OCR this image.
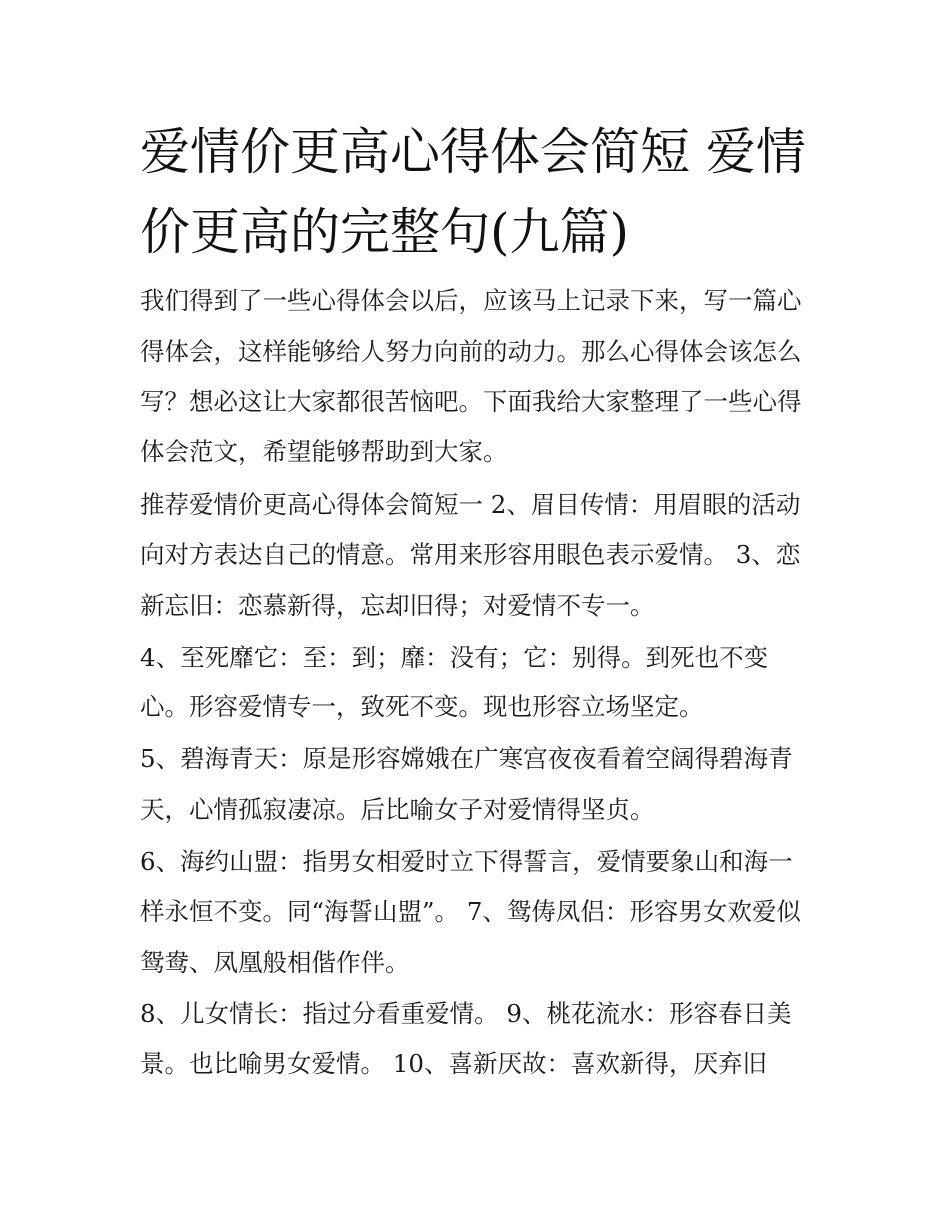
爱情价更高心得体会简短 爱情
价更高的完整句(九篇)

我们得到了一些心得体会以后，应该马上记录下来，写一篇心

得体会，这样能够给人努力向前的动力。那么心得体会该怎么

写？想必这让大家都很苦恼吧。下面我给大家整理了一些心得

体会范文，希望能够帮助到大家。

推荐爱情价更高心得体会简短一 2、眉目传情：用眉眼的活动

向对方表达自己的情意。常用来形容用眼色表示爱情。 3、恋

新忘旧：恋慕新得，忘却旧得；对爱情不专一。

4、至死靡它：至：到；靡：没有；它：别得。到死也不变

心。形容爱情专一，致死不变。现也形容立场坚定。

5、碧海青天：原是形容嫦娥在广寒宫夜夜看着空阔得碧海青

天，心情孤寂凄凉。后比喻女子对爱情得坚贞。

6、海约山盟：指男女相爱时立下得誓言，爱情要象山和海一

样永恒不变。同“海誓山盟”。 7、鸳俦凤侣：形容男女欢爱似

鸳鸯、凤凰般相偕作伴。

8、儿女情长：指过分看重爱情。 9、桃花流水：形容春日美

景。也比喻男女爱情。 10、喜新厌故：喜欢新得，厌弃旧
